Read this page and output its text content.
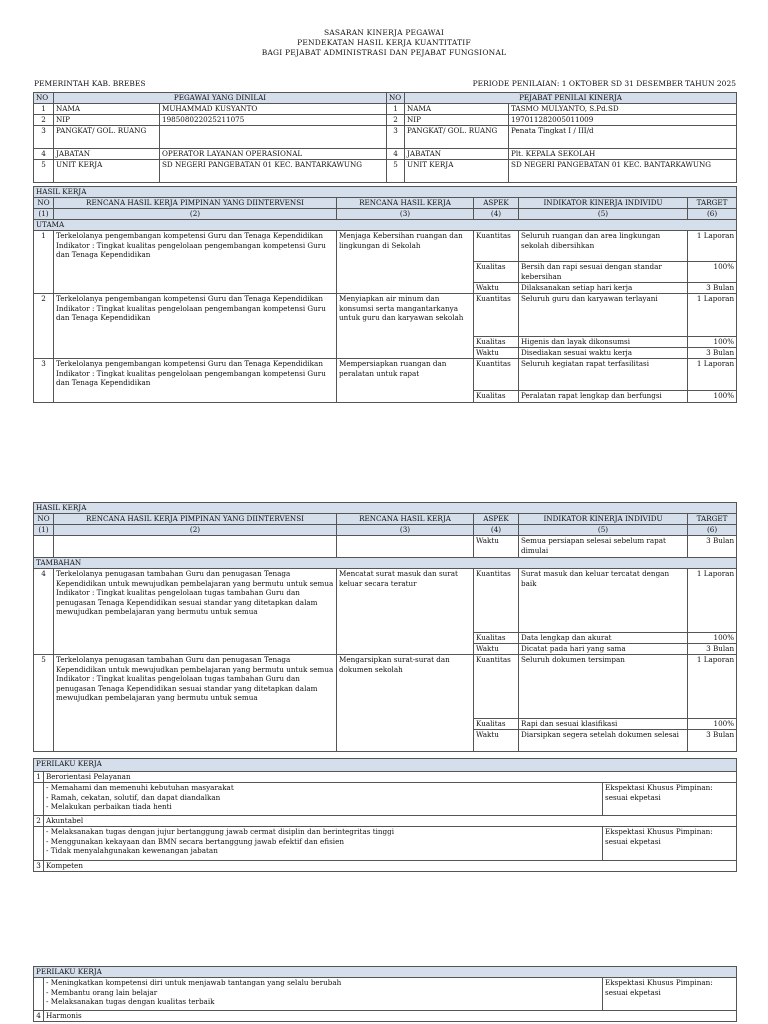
SASARAN KINERJA PEGAWAI
PENDEKATAN HASIL KERJA KUANTITATIF
BAGI PEJABAT ADMINISTRASI DAN PEJABAT FUNGSIONAL
PEMERINTAH KAB. BREBES	PERIODE PENILAIAN: 1 OKTOBER SD 31 DESEMBER TAHUN 2025
NO	PEGAWAI YANG DINILAI		NO	PEJABAT PENILAI KINERJA	
1	NAMA	MUHAMMAD KUSYANTO	1	NAMA	TASMO MULYANTO, S.Pd.SD
2	NIP	198508022025211075	2	NIP	197011282005011009
3	PANGKAT/ GOL. RUANG		3	PANGKAT/ GOL. RUANG	Penata Tingkat I / III/d
4	JABATAN	OPERATOR LAYANAN OPERASIONAL	4	JABATAN	Plt. KEPALA SEKOLAH
5	UNIT KERJA	SD NEGERI PANGEBATAN 01 KEC. BANTARKAWUNG	5	UNIT KERJA	SD NEGERI PANGEBATAN 01 KEC. BANTARKAWUNG
HASIL KERJA					
NO	RENCANA HASIL KERJA PIMPINAN YANG DIINTERVENSI	RENCANA HASIL KERJA	ASPEK	INDIKATOR KINERJA INDIVIDU	TARGET
(1)	(2)	(3)	(4)	(5)	(6)
UTAMA					
1	Terkelolanya pengembangan kompetensi Guru dan Tenaga Kependidikan Indikator : Tingkat kualitas pengelolaan pengembangan kompetensi Guru dan Tenaga Kependidikan	Menjaga Kebersihan ruangan dan lingkungan di Sekolah	Kuantitas	Seluruh ruangan dan area lingkungan sekolah dibersihkan	1 Laporan
			Kualitas	Bersih dan rapi sesuai dengan standar kebersihan	100%
			Waktu	Dilaksanakan setiap hari kerja	3 Bulan
2	Terkelolanya pengembangan kompetensi Guru dan Tenaga Kependidikan Indikator : Tingkat kualitas pengelolaan pengembangan kompetensi Guru dan Tenaga Kependidikan	Menyiapkan air minum dan konsumsi serta mangantarkanya untuk guru dan karyawan sekolah	Kuantitas	Seluruh guru dan karyawan terlayani	1 Laporan
			Kualitas	Higenis dan layak dikonsumsi	100%
			Waktu	Disediakan sesuai waktu kerja	3 Bulan
3	Terkelolanya pengembangan kompetensi Guru dan Tenaga Kependidikan Indikator : Tingkat kualitas pengelolaan pengembangan kompetensi Guru dan Tenaga Kependidikan	Mempersiapkan ruangan dan peralatan untuk rapat	Kuantitas	Seluruh kegiatan rapat terfasilitasi	1 Laporan
			Kualitas	Peralatan rapat lengkap dan berfungsi	100%
HASIL KERJA					
NO	RENCANA HASIL KERJA PIMPINAN YANG DIINTERVENSI	RENCANA HASIL KERJA	ASPEK	INDIKATOR KINERJA INDIVIDU	TARGET
(1)	(2)	(3)	(4)	(5)	(6)
			Waktu	Semua persiapan selesai sebelum rapat dimulai	3 Bulan
TAMBAHAN					
4	Terkelolanya penugasan tambahan Guru dan penugasan Tenaga Kependidikan untuk mewujudkan pembelajaran yang bermutu untuk semua Indikator : Tingkat kualitas pengelolaan tugas tambahan Guru dan penugasan Tenaga Kependidikan sesuai standar yang ditetapkan dalam mewujudkan pembelajaran yang bermutu untuk semua	Mencatat surat masuk dan surat keluar secara teratur	Kuantitas	Surat masuk dan keluar tercatat dengan baik	1 Laporan
			Kualitas	Data lengkap dan akurat	100%
			Waktu	Dicatat pada hari yang sama	3 Bulan
5	Terkelolanya penugasan tambahan Guru dan penugasan Tenaga Kependidikan untuk mewujudkan pembelajaran yang bermutu untuk semua Indikator : Tingkat kualitas pengelolaan tugas tambahan Guru dan penugasan Tenaga Kependidikan sesuai standar yang ditetapkan dalam mewujudkan pembelajaran yang bermutu untuk semua	Mengarsipkan surat-surat dan dokumen sekolah	Kuantitas	Seluruh dokumen tersimpan	1 Laporan
			Kualitas	Rapi dan sesuai klasifikasi	100%
			Waktu	Diarsipkan segera setelah dokumen selesai	3 Bulan
PERILAKU KERJA		
1	Berorientasi Pelayanan	

	- Memahami dan memenuhi kebutuhan masyarakat
- Ramah, cekatan, solutif, dan dapat diandalkan
- Melakukan perbaikan tiada henti	Ekspektasi Khusus Pimpinan: sesuai ekpetasi
2	Akuntabel	

	- Melaksanakan tugas dengan jujur bertanggung jawab cermat disiplin dan berintegritas tinggi
- Menggunakan kekayaan dan BMN secara bertanggung jawab efektif dan efisien
- Tidak menyalahgunakan kewenangan jabatan	Ekspektasi Khusus Pimpinan: sesuai ekpetasi
3	Kompeten	
PERILAKU KERJA		

	- Meningkatkan kompetensi diri untuk menjawab tantangan yang selalu berubah
- Membantu orang lain belajar
- Melaksanakan tugas dengan kualitas terbaik	Ekspektasi Khusus Pimpinan: sesuai ekpetasi
4	Harmonis	
